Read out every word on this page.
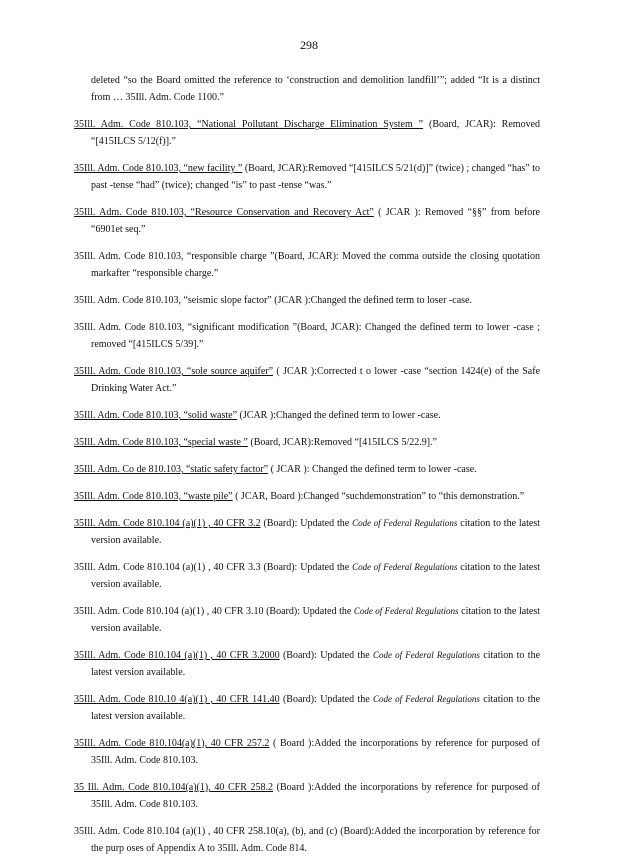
298

deleted “so the Board omitted the reference to ‘construction and demolition landfill’”; added “It is a distinct from … 35Ill. Adm. Code 1100.”

35Ill. Adm. Code 810.103, “National Pollutant Discharge Elimination System ” (Board, JCAR): Removed “[415ILCS 5/12(f)].”

35Ill. Adm. Code 810.103, “new facility ” (Board, JCAR):Removed “[415ILCS 5/21(d)]” (twice) ; changed “has” to past -tense “had” (twice); changed “is” to past -tense “was.”

35Ill. Adm. Code 810.103, “Resource Conservation and Recovery Act” ( JCAR ): Removed “§§” from before “6901et seq.”

35Ill. Adm. Code 810.103, “responsible charge ”(Board, JCAR): Moved the comma outside the closing quotation markafter “responsible charge.”

35Ill. Adm. Code 810.103, “seismic slope factor” (JCAR ):Changed the defined term to loser -case.

35Ill. Adm. Code 810.103, “significant modification ”(Board, JCAR): Changed the defined term to lower -case ; removed “[415ILCS 5/39].”

35Ill. Adm. Code 810.103, “sole source aquifer” ( JCAR ):Corrected t o lower -case “section 1424(e) of the Safe Drinking Water Act.”

35Ill. Adm. Code 810.103, “solid waste” (JCAR ):Changed the defined term to lower -case.

35Ill. Adm. Code 810.103, “special waste ” (Board, JCAR):Removed “[415ILCS 5/22.9].”

35Ill. Adm. Co de 810.103, “static safety factor” ( JCAR ): Changed the defined term to lower -case.

35Ill. Adm. Code 810.103, “waste pile” ( JCAR, Board ):Changed “suchdemonstration” to “this demonstration.”

35Ill. Adm. Code 810.104 (a)(1) , 40 CFR 3.2 (Board): Updated the Code of Federal Regulations citation to the latest version available.

35Ill. Adm. Code 810.104 (a)(1) , 40 CFR 3.3 (Board): Updated the Code of Federal Regulations citation to the latest version available.

35Ill. Adm. Code 810.104 (a)(1) , 40 CFR 3.10 (Board): Updated the Code of Federal Regulations citation to the latest version available.

35Ill. Adm. Code 810.104 (a)(1) , 40 CFR 3.2000 (Board): Updated the Code of Federal Regulations citation to the latest version available.

35Ill. Adm. Code 810.10 4(a)(1) , 40 CFR 141.40 (Board): Updated the Code of Federal Regulations citation to the latest version available.

35Ill. Adm. Code 810.104(a)(1), 40 CFR 257.2 ( Board ):Added the incorporations by reference for purposed of 35Ill. Adm. Code 810.103.

35 Ill. Adm. Code 810.104(a)(1), 40 CFR 258.2 (Board ):Added the incorporations by reference for purposed of 35Ill. Adm. Code 810.103.

35Ill. Adm. Code 810.104 (a)(1) , 40 CFR 258.10(a), (b), and (c) (Board):Added the incorporation by reference for the purp oses of Appendix A to 35Ill. Adm. Code 814.
